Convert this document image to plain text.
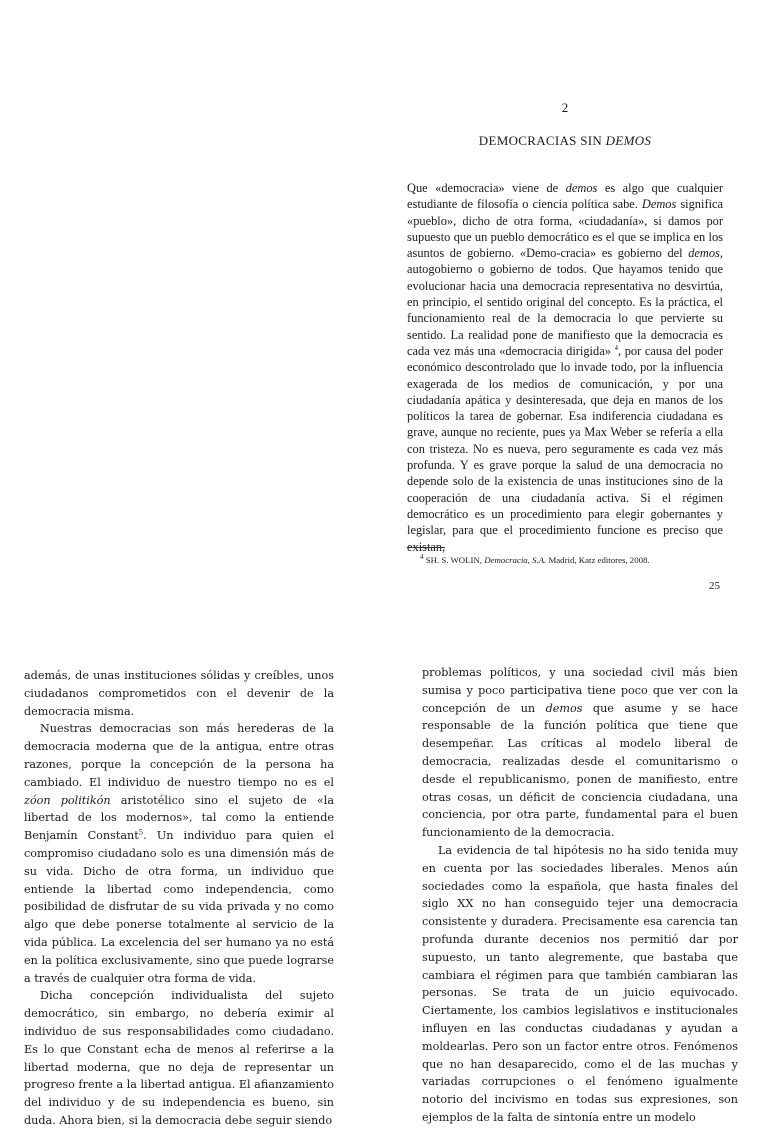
2
DEMOCRACIAS SIN DEMOS

Que «democracia» viene de demos es algo que cualquier estudiante de filosofía o ciencia política sabe. Demos significa «pueblo», dicho de otra forma, «ciudadanía», si damos por supuesto que un pueblo democrático es el que se implica en los asuntos de gobierno. «Demo-cracia» es gobierno del demos, autogobierno o gobierno de todos. Que hayamos tenido que evolucionar hacia una democracia representativa no desvirtúa, en principio, el sentido original del concepto. Es la práctica, el funcionamiento real de la democracia lo que pervierte su sentido. La realidad pone de manifiesto que la democracia es cada vez más una «democracia dirigida» $^4$, por causa del poder económico descontrolado que lo invade todo, por la influencia exagerada de los medios de comunicación, y por una ciudadanía apática y desinteresada, que deja en manos de los políticos la tarea de gobernar. Esa indiferencia ciudadana es grave, aunque no reciente, pues ya Max Weber se refería a ella con tristeza. No es nueva, pero seguramente es cada vez más profunda. Y es grave porque la salud de una democracia no depende solo de la existencia de unas instituciones sino de la cooperación de una ciudadanía activa. Si el régimen democrático es un procedimiento para elegir gobernantes y legislar, para que el procedimiento funcione es preciso que existan,

$^4$ SH. S. WOLIN, Democracia, S.A. Madrid, Katz editores, 2008.
25

además, de unas instituciones sólidas y creíbles, unos ciudadanos comprometidos con el devenir de la democracia misma.

Nuestras democracias son más herederas de la democracia moderna que de la antigua, entre otras razones, porque la concepción de la persona ha cambiado. El individuo de nuestro tiempo no es el zóon politikón aristotélico sino el sujeto de «la libertad de los modernos», tal como la entiende Benjamín Constant$^5$. Un individuo para quien el compromiso ciudadano solo es una dimensión más de su vida. Dicho de otra forma, un individuo que entiende la libertad como independencia, como posibilidad de disfrutar de su vida privada y no como algo que debe ponerse totalmente al servicio de la vida pública. La excelencia del ser humano ya no está en la política exclusivamente, sino que puede lograrse a través de cualquier otra forma de vida.

Dicha concepción individualista del sujeto democrático, sin embargo, no debería eximir al individuo de sus responsabilidades como ciudadano. Es lo que Constant echa de menos al referirse a la libertad moderna, que no deja de representar un progreso frente a la libertad antigua. El afianzamiento del individuo y de su independencia es bueno, sin duda. Ahora bien, si la democracia debe seguir siendo

problemas políticos, y una sociedad civil más bien sumisa y poco participativa tiene poco que ver con la concepción de un demos que asume y se hace responsable de la función política que tiene que desempeñar. Las críticas al modelo liberal de democracia, realizadas desde el comunitarismo o desde el republicanismo, ponen de manifiesto, entre otras cosas, un déficit de conciencia ciudadana, una conciencia, por otra parte, fundamental para el buen funcionamiento de la democracia.

La evidencia de tal hipótesis no ha sido tenida muy en cuenta por las sociedades liberales. Menos aún sociedades como la española, que hasta finales del siglo XX no han conseguido tejer una democracia consistente y duradera. Precisamente esa carencia tan profunda durante decenios nos permitió dar por supuesto, un tanto alegremente, que bastaba que cambiara el régimen para que también cambiaran las personas. Se trata de un juicio equivocado. Ciertamente, los cambios legislativos e institucionales influyen en las conductas ciudadanas y ayudan a moldearlas. Pero son un factor entre otros. Fenómenos que no han desaparecido, como el de las muchas y variadas corrupciones o el fenómeno igualmente notorio del incivismo en todas sus expresiones, son ejemplos de la falta de sintonía entre un modelo
